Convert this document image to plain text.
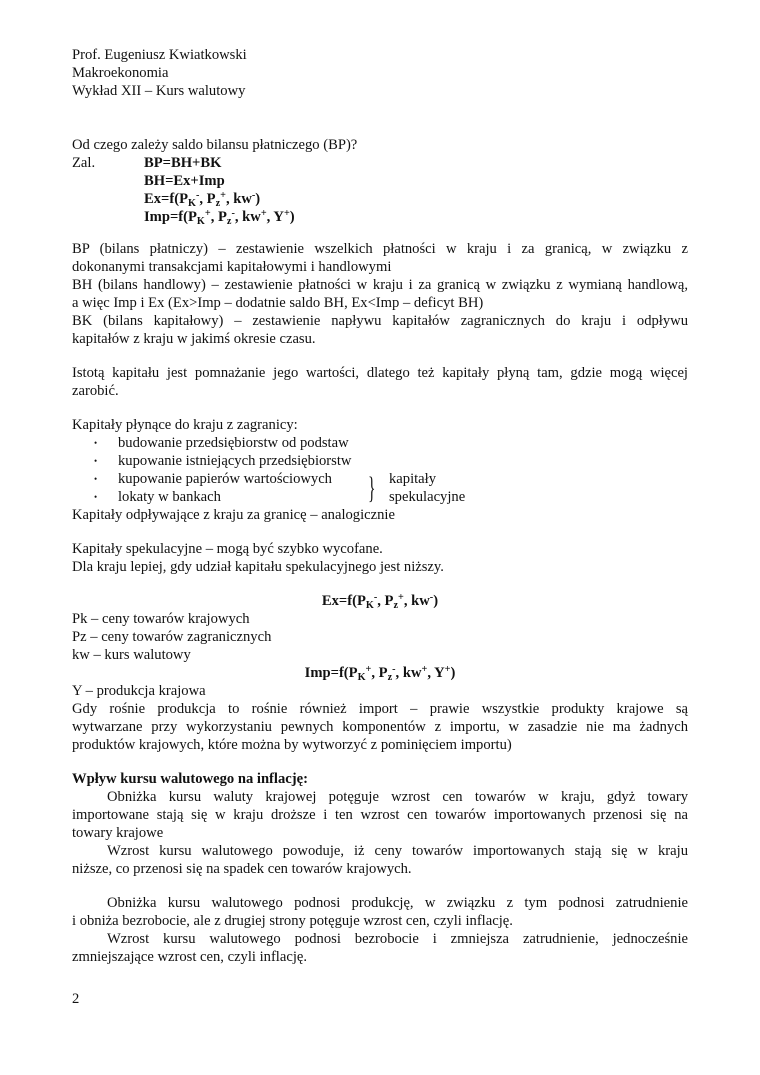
Prof. Eugeniusz Kwiatkowski
Makroekonomia
Wykład XII – Kurs walutowy
Od czego zależy saldo bilansu płatniczego (BP)?
Zal.	BP=BH+BK
BH=Ex+Imp
$Ex=f(P_K^-$, $P_z^+$, kw-)
$Imp=f(P_K^+$, $P_z^-$, kw+, Y+)
BP (bilans płatniczy) – zestawienie wszelkich płatności w kraju i za granicą, w związku z
dokonanymi transakcjami kapitałowymi i handlowymi
BH (bilans handlowy) – zestawienie płatności w kraju i za granicą w związku z wymianą handlową,
a więc Imp i Ex (Ex>Imp – dodatnie saldo BH, Ex<Imp – deficyt BH)
BK (bilans kapitałowy) – zestawienie napływu kapitałów zagranicznych do kraju i odpływu
kapitałów z kraju w jakimś okresie czasu.
Istotą kapitału jest pomnażanie jego wartości, dlatego też kapitały płyną tam, gdzie mogą więcej
zarobić.
Kapitały płynące do kraju z zagranicy:
• budowanie przedsiębiorstw od podstaw
• kupowanie istniejących przedsiębiorstw
• kupowanie papierów wartościowych
• lokaty w bankach	} kapitały
spekulacyjne
Kapitały odpływające z kraju za granicę – analogicznie
Kapitały spekulacyjne – mogą być szybko wycofane.
Dla kraju lepiej, gdy udział kapitału spekulacyjnego jest niższy.
$Ex=f(P_K^-$, $P_z^+$, kw-)
Pk – ceny towarów krajowych
Pz – ceny towarów zagranicznych
kw – kurs walutowy
$Imp=f(P_K^+$, $P_z^-$, kw+, Y+)
Y – produkcja krajowa
Gdy rośnie produkcja to rośnie również import – prawie wszystkie produkty krajowe są
wytwarzane przy wykorzystaniu pewnych komponentów z importu, w zasadzie nie ma żadnych
produktów krajowych, które można by wytworzyć z pominięciem importu)
Wpływ kursu walutowego na inflację:
Obniżka kursu waluty krajowej potęguje wzrost cen towarów w kraju, gdyż towary
importowane stają się w kraju droższe i ten wzrost cen towarów importowanych przenosi się na
towary krajowe
Wzrost kursu walutowego powoduje, iż ceny towarów importowanych stają się w kraju
niższe, co przenosi się na spadek cen towarów krajowych.
Obniżka kursu walutowego podnosi produkcję, w związku z tym podnosi zatrudnienie
i obniża bezrobocie, ale z drugiej strony potęguje wzrost cen, czyli inflację.
Wzrost kursu walutowego podnosi bezrobocie i zmniejsza zatrudnienie, jednocześnie
zmniejszające wzrost cen, czyli inflację.
2
